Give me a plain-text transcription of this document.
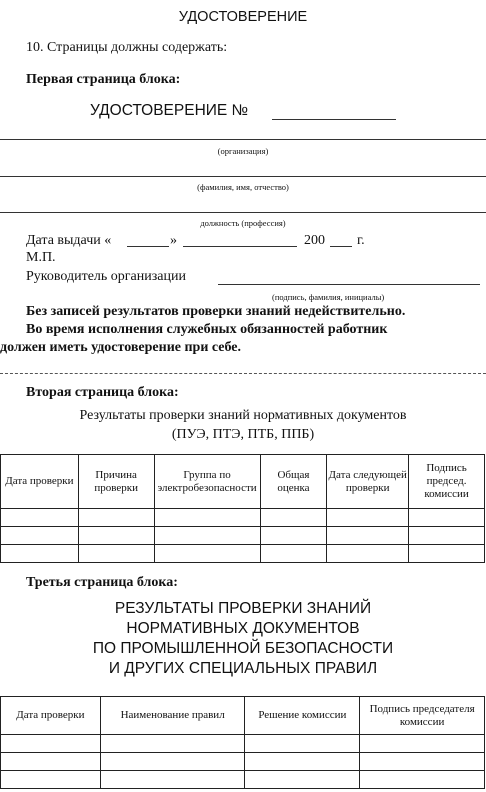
УДОСТОВЕРЕНИЕ
10. Страницы должны содержать:
Первая страница блока:
УДОСТОВЕРЕНИЕ №
(организация)
(фамилия, имя, отчество)
должность (профессия)
Дата выдачи «	»	200 г.
М.П.
Руководитель организации
(подпись, фамилия, инициалы)
Без записей результатов проверки знаний недействительно.
Во время исполнения служебных обязанностей работник
должен иметь удостоверение при себе.
Вторая страница блока:
Результаты проверки знаний нормативных документов
(ПУЭ, ПТЭ, ПТБ, ППБ)
Дата проверки	Причина проверки	Группа по электробезопасности	Общая оценка	Дата следующей проверки	Подпись председ. комиссии

Третья страница блока:
РЕЗУЛЬТАТЫ ПРОВЕРКИ ЗНАНИЙ
НОРМАТИВНЫХ ДОКУМЕНТОВ
ПО ПРОМЫШЛЕННОЙ БЕЗОПАСНОСТИ
И ДРУГИХ СПЕЦИАЛЬНЫХ ПРАВИЛ
Дата проверки	Наименование правил	Решение комиссии	Подпись председателя комиссии
